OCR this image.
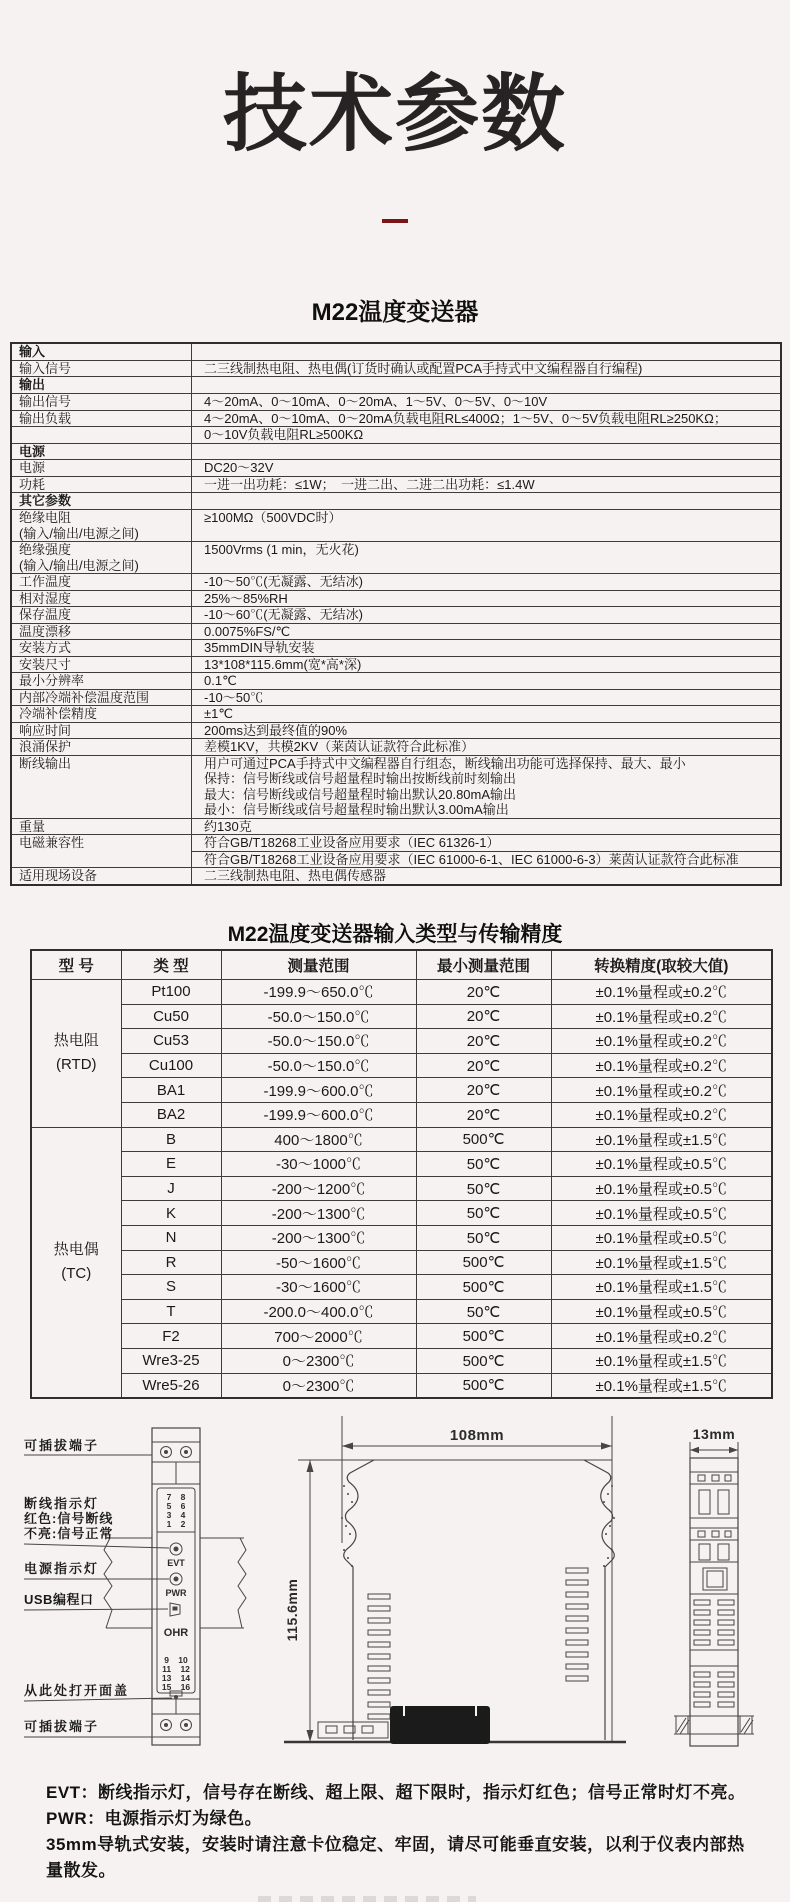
技术参数
M22温度变送器
输入	

输入信号	二三线制热电阻、热电偶(订货时确认或配置PCA手持式中文编程器自行编程)

输出	

输出信号	4～20mA、0～10mA、0～20mA、1～5V、0～5V、0～10V

输出负载	4～20mA、0～10mA、0～20mA负载电阻RL≤400Ω；1～5V、0～5V负载电阻RL≥250KΩ；

	0～10V负载电阻RL≥500KΩ

电源	

电源	DC20～32V

功耗	一进一出功耗：≤1W；　一进二出、二进二出功耗：≤1.4W

其它参数	

绝缘电阻
(输入/输出/电源之间)	≥100MΩ（500VDC时）

绝缘强度
(输入/输出/电源之间)	1500Vrms (1 min，无火花)

工作温度	-10～50℃(无凝露、无结冰)

相对湿度	25%～85%RH

保存温度	-10～60℃(无凝露、无结冰)

温度漂移	0.0075%FS/℃

安装方式	35mmDIN导轨安装

安装尺寸	13*108*115.6mm(宽*高*深)

最小分辨率	0.1℃

内部冷端补偿温度范围	-10～50℃

冷端补偿精度	±1℃

响应时间	200ms达到最终值的90%

浪涌保护	差模1KV，共模2KV（莱茵认证款符合此标准）

断线输出	用户可通过PCA手持式中文编程器自行组态，断线输出功能可选择保持、最大、最小
保持：信号断线或信号超量程时输出按断线前时刻输出
最大：信号断线或信号超量程时输出默认20.80mA输出
最小：信号断线或信号超量程时输出默认3.00mA输出

重量	约130克

电磁兼容性	符合GB/T18268工业设备应用要求（IEC 61326-1）

	符合GB/T18268工业设备应用要求（IEC 61000-6-1、IEC 61000-6-3）莱茵认证款符合此标准

适用现场设备	二三线制热电阻、热电偶传感器
M22温度变送器输入类型与传输精度
型 号	类 型	测量范围	最小测量范围	转换精度(取较大值)

热电阻
(RTD)	Pt100	-199.9～650.0℃	20℃	±0.1%量程或±0.2℃
	Cu50	-50.0～150.0℃	20℃	±0.1%量程或±0.2℃
	Cu53	-50.0～150.0℃	20℃	±0.1%量程或±0.2℃
	Cu100	-50.0～150.0℃	20℃	±0.1%量程或±0.2℃
	BA1	-199.9～600.0℃	20℃	±0.1%量程或±0.2℃
	BA2	-199.9～600.0℃	20℃	±0.1%量程或±0.2℃

热电偶
(TC)	B	400～1800℃	500℃	±0.1%量程或±1.5℃
	E	-30～1000℃	50℃	±0.1%量程或±0.5℃
	J	-200～1200℃	50℃	±0.1%量程或±0.5℃
	K	-200～1300℃	50℃	±0.1%量程或±0.5℃
	N	-200～1300℃	50℃	±0.1%量程或±0.5℃
	R	-50～1600℃	500℃	±0.1%量程或±1.5℃
	S	-30～1600℃	500℃	±0.1%量程或±1.5℃
	T	-200.0～400.0℃	50℃	±0.1%量程或±0.5℃
	F2	700～2000℃	500℃	±0.1%量程或±0.2℃
	Wre3-25	0～2300℃	500℃	±0.1%量程或±1.5℃
	Wre5-26	0～2300℃	500℃	±0.1%量程或±1.5℃
7 8
5 6
3 4
1 2
EVT
PWR
OHR
9 10
11 12
13 14
15 16
可插拔端子
断线指示灯
红色:信号断线
不亮:信号正常
电源指示灯
USB编程口
从此处打开面盖
可插拔端子
108mm
115.6mm
13mm

EVT：断线指示灯，信号存在断线、超上限、超下限时，指示灯红色；信号正常时灯不亮。

PWR：电源指示灯为绿色。

35mm导轨式安装，安装时请注意卡位稳定、牢固，请尽可能垂直安装，以利于仪表内部热量散发。
